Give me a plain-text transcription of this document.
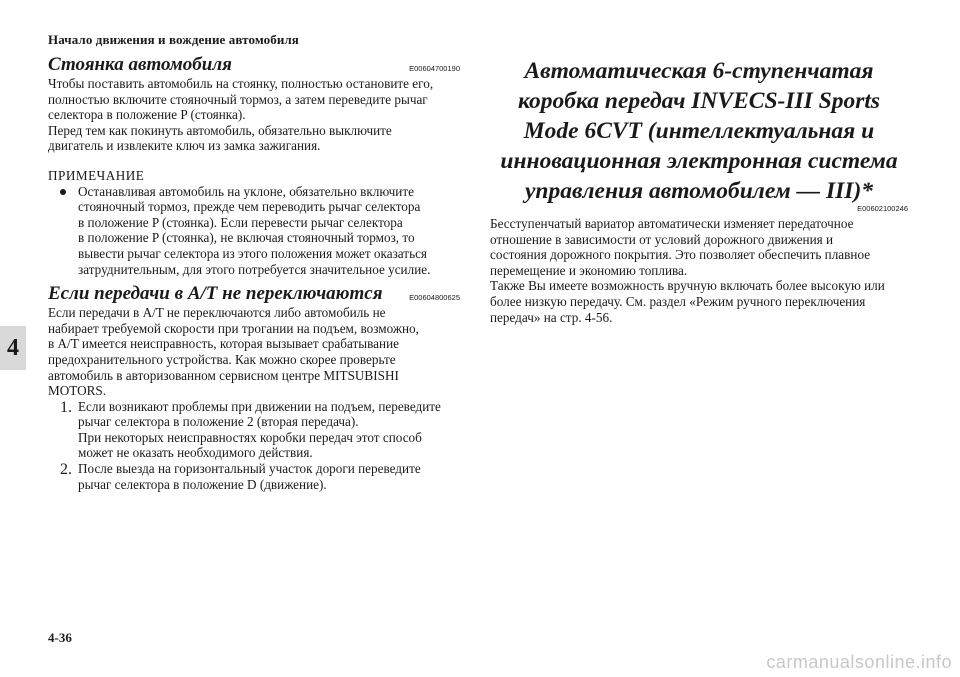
Начало движения и вождение автомобиля
4
Стоянка автомобиля	E00604700190

Чтобы поставить автомобиль на стоянку, полностью остановите его,

полностью включите стояночный тормоз, а затем переведите рычаг

селектора в положение P (стоянка).

Перед тем как покинуть автомобиль, обязательно выключите

двигатель и извлеките ключ из замка зажигания.

ПРИМЕЧАНИЕ

Останавливая автомобиль на уклоне, обязательно включите

стояночный тормоз, прежде чем переводить рычаг селектора

в положение P (стоянка). Если перевести рычаг селектора

в положение P (стоянка), не включая стояночный тормоз, то

вывести рычаг селектора из этого положения может оказаться

затруднительным, для этого потребуется значительное усилие.

Если передачи в A/T не переключаются	E00604800625

Если передачи в A/T не переключаются либо автомобиль не

набирает требуемой скорости при трогании на подъем, возможно,

в A/T имеется неисправность, которая вызывает срабатывание

предохранительного устройства. Как можно скорее проверьте

автомобиль в авторизованном сервисном центре MITSUBISHI

MOTORS.

1. Если возникают проблемы при движении на подъем, переведите

рычаг селектора в положение 2 (вторая передача).

При некоторых неисправностях коробки передач этот способ

может не оказать необходимого действия.

2. После выезда на горизонтальный участок дороги переведите

рычаг селектора в положение D (движение).

Автоматическая 6-ступенчатая
коробка передач INVECS-III Sports
Mode 6CVT (интеллектуальная и
инновационная электронная система
управления автомобилем — III)*
E00602100246

Бесступенчатый вариатор автоматически изменяет передаточное

отношение в зависимости от условий дорожного движения и

состояния дорожного покрытия. Это позволяет обеспечить плавное

перемещение и экономию топлива.

Также Вы имеете возможность вручную включать более высокую или

более низкую передачу. См. раздел «Режим ручного переключения

передач» на стр. 4-56.

4-36
carmanualsonline.info
